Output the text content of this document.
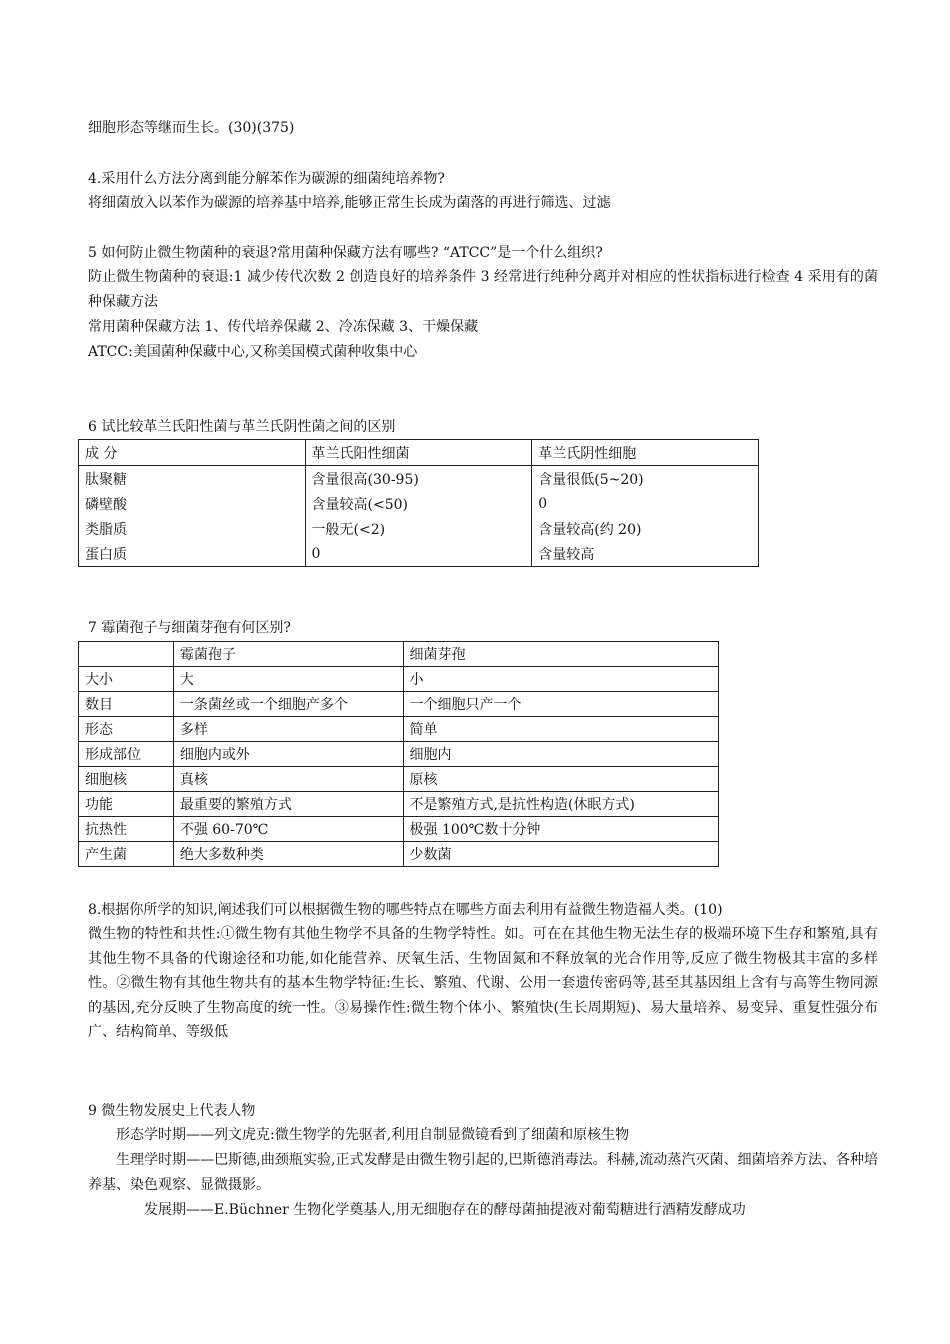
细胞形态等继而生长。(30)(375)
4.采用什么方法分离到能分解苯作为碳源的细菌纯培养物?
将细菌放入以苯作为碳源的培养基中培养,能够正常生长成为菌落的再进行筛选、过滤
5 如何防止微生物菌种的衰退?常用菌种保藏方法有哪些? “ATCC”是一个什么组织?
防止微生物菌种的衰退:1 减少传代次数 2 创造良好的培养条件 3 经常进行纯种分离并对相应的性状指标进行检查 4 采用有的菌种保藏方法
常用菌种保藏方法 1、传代培养保藏 2、冷冻保藏 3、干燥保藏
ATCC:美国菌种保藏中心,又称美国模式菌种收集中心
6 试比较革兰氏阳性菌与革兰氏阴性菌之间的区别
成 分	革兰氏阳性细菌	革兰氏阴性细胞
肽聚糖	含量很高(30-95)	含量很低(5~20)
磷壁酸	含量较高(<50)	0
类脂质	一般无(<2)	含量较高(约 20)
蛋白质	0	含量较高
7 霉菌孢子与细菌芽孢有何区别?
	霉菌孢子	细菌芽孢
大小	大	小
数目	一条菌丝或一个细胞产多个	一个细胞只产一个
形态	多样	简单
形成部位	细胞内或外	细胞内
细胞核	真核	原核
功能	最重要的繁殖方式	不是繁殖方式,是抗性构造(休眠方式)
抗热性	不强 60-70℃	极强 100℃数十分钟
产生菌	绝大多数种类	少数菌
8.根据你所学的知识,阐述我们可以根据微生物的哪些特点在哪些方面去利用有益微生物造福人类。(10)
微生物的特性和共性:①微生物有其他生物学不具备的生物学特性。如。可在在其他生物无法生存的极端环境下生存和繁殖,具有其他生物不具备的代谢途径和功能,如化能营养、厌氧生活、生物固氮和不释放氧的光合作用等,反应了微生物极其丰富的多样性。②微生物有其他生物共有的基本生物学特征:生长、繁殖、代谢、公用一套遗传密码等,甚至其基因组上含有与高等生物同源的基因,充分反映了生物高度的统一性。③易操作性:微生物个体小、繁殖快(生长周期短)、易大量培养、易变异、重复性强分布广、结构简单、等级低
9 微生物发展史上代表人物
形态学时期——列文虎克:微生物学的先驱者,利用自制显微镜看到了细菌和原核生物
生理学时期——巴斯德,曲颈瓶实验,正式发酵是由微生物引起的,巴斯德消毒法。科赫,流动蒸汽灭菌、细菌培养方法、各种培养基、染色观察、显微摄影。
发展期——E.Büchner 生物化学奠基人,用无细胞存在的酵母菌抽提液对葡萄糖进行酒精发酵成功
